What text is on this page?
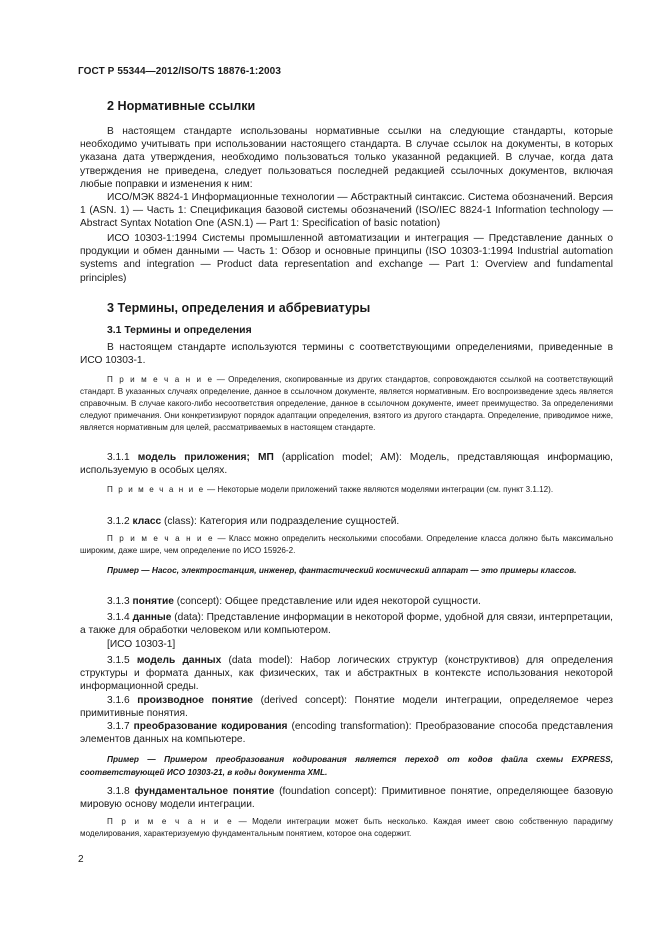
ГОСТ Р 55344—2012/ISO/TS 18876-1:2003
2 Нормативные ссылки

В настоящем стандарте использованы нормативные ссылки на следующие стандарты, которые необходимо учитывать при использовании настоящего стандарта. В случае ссылок на документы, в которых указана дата утверждения, необходимо пользоваться только указанной редакцией. В случае, когда дата утверждения не приведена, следует пользоваться последней редакцией ссылочных документов, включая любые поправки и изменения к ним:

ИСО/МЭК 8824-1 Информационные технологии — Абстрактный синтаксис. Система обозначений. Версия 1 (ASN. 1) — Часть 1: Спецификация базовой системы обозначений (ISO/IEC 8824-1 Information technology — Abstract Syntax Notation One (ASN.1) — Part 1: Specification of basic notation)

ИСО 10303-1:1994 Системы промышленной автоматизации и интеграция — Представление данных о продукции и обмен данными — Часть 1: Обзор и основные принципы (ISO 10303-1:1994 Industrial automation systems and integration — Product data representation and exchange — Part 1: Overview and fundamental principles)

3 Термины, определения и аббревиатуры
3.1 Термины и определения

В настоящем стандарте используются термины с соответствующими определениями, приведенные в ИСО 10303-1.

П р и м е ч а н и е — Определения, скопированные из других стандартов, сопровождаются ссылкой на соответствующий стандарт. В указанных случаях определение, данное в ссылочном документе, является нормативным. Его воспроизведение здесь является справочным. В случае какого-либо несоответствия определение, данное в ссылочном документе, имеет преимущество. За определениями следуют примечания. Они конкретизируют порядок адаптации определения, взятого из другого стандарта. Определение, приводимое ниже, является нормативным для целей, рассматриваемых в настоящем стандарте.

3.1.1 модель приложения; МП (application model; AM): Модель, представляющая информацию, используемую в особых целях.

П р и м е ч а н и е — Некоторые модели приложений также являются моделями интеграции (см. пункт 3.1.12).

3.1.2 класс (class): Категория или подразделение сущностей.

П р и м е ч а н и е — Класс можно определить несколькими способами. Определение класса должно быть максимально широким, даже шире, чем определение по ИСО 15926-2.

Пример — Насос, электростанция, инженер, фантастический космический аппарат — это примеры классов.

3.1.3 понятие (concept): Общее представление или идея некоторой сущности.

3.1.4 данные (data): Представление информации в некоторой форме, удобной для связи, интерпретации, а также для обработки человеком или компьютером.

[ИСО 10303-1]

3.1.5 модель данных (data model): Набор логических структур (конструктивов) для определения структуры и формата данных, как физических, так и абстрактных в контексте использования некоторой информационной среды.

3.1.6 производное понятие (derived concept): Понятие модели интеграции, определяемое через примитивные понятия.

3.1.7 преобразование кодирования (encoding transformation): Преобразование способа представления элементов данных на компьютере.

Пример — Примером преобразования кодирования является переход от кодов файла схемы EXPRESS, соответствующей ИСО 10303-21, в коды документа XML.

3.1.8 фундаментальное понятие (foundation concept): Примитивное понятие, определяющее базовую мировую основу модели интеграции.

П р и м е ч а н и е — Модели интеграции может быть несколько. Каждая имеет свою собственную парадигму моделирования, характеризуемую фундаментальным понятием, которое она содержит.

2
